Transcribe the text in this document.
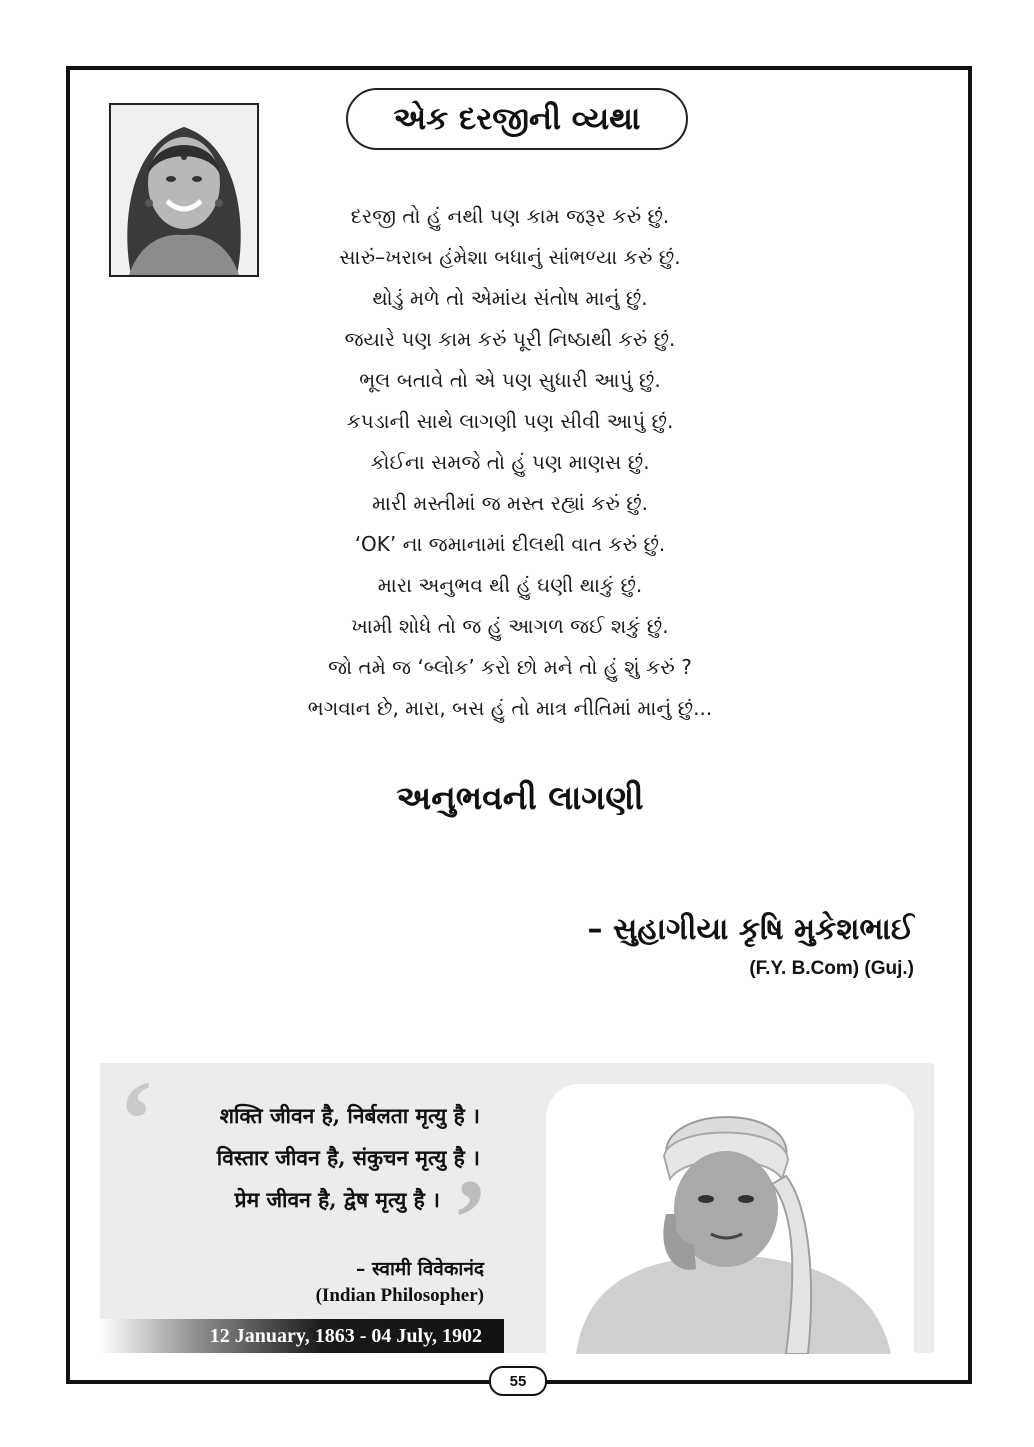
એક દરજીની વ્યથા
દરજી તો હું નથી પણ કામ જરૂર કરું છું.
સારું–ખરાબ હંમેશા બધાનું સાંભળ્યા કરું છું.
થોડું મળે તો એમાંય સંતોષ માનું છું.
જયારે પણ કામ કરું પૂરી નિષ્ઠાથી કરું છું.
ભૂલ બતાવે તો એ પણ સુધારી આપું છું.
કપડાની સાથે લાગણી પણ સીવી આપું છું.
કોઈના સમજે તો હું પણ માણસ છું.
મારી મસ્તીમાં જ મસ્ત રહ્યાં કરું છું.
‘OK’ ના જમાનામાં દીલથી વાત કરું છું.
મારા અનુભવ થી હું ઘણી થાકું છું.
ખામી શોધે તો જ હું આગળ જઈ શકું છું.
જો તમે જ ‘બ્લોક’ કરો છો મને તો હું શું કરું ?
ભગવાન છે, મારા, બસ હું તો માત્ર નીતિમાં માનું છું...
અનુભવની લાગણી
– સુહાગીયા કૃષિ મુકેશભાઈ
(F.Y. B.Com) (Guj.)
‘
’
शक्ति जीवन है, निर्बलता मृत्यु है ।
विस्तार जीवन है, संकुचन मृत्यु है ।
प्रेम जीवन है, द्वेष मृत्यु है ।
– स्वामी विवेकानंद
(Indian Philosopher)
12 January, 1863 - 04 July, 1902
55
